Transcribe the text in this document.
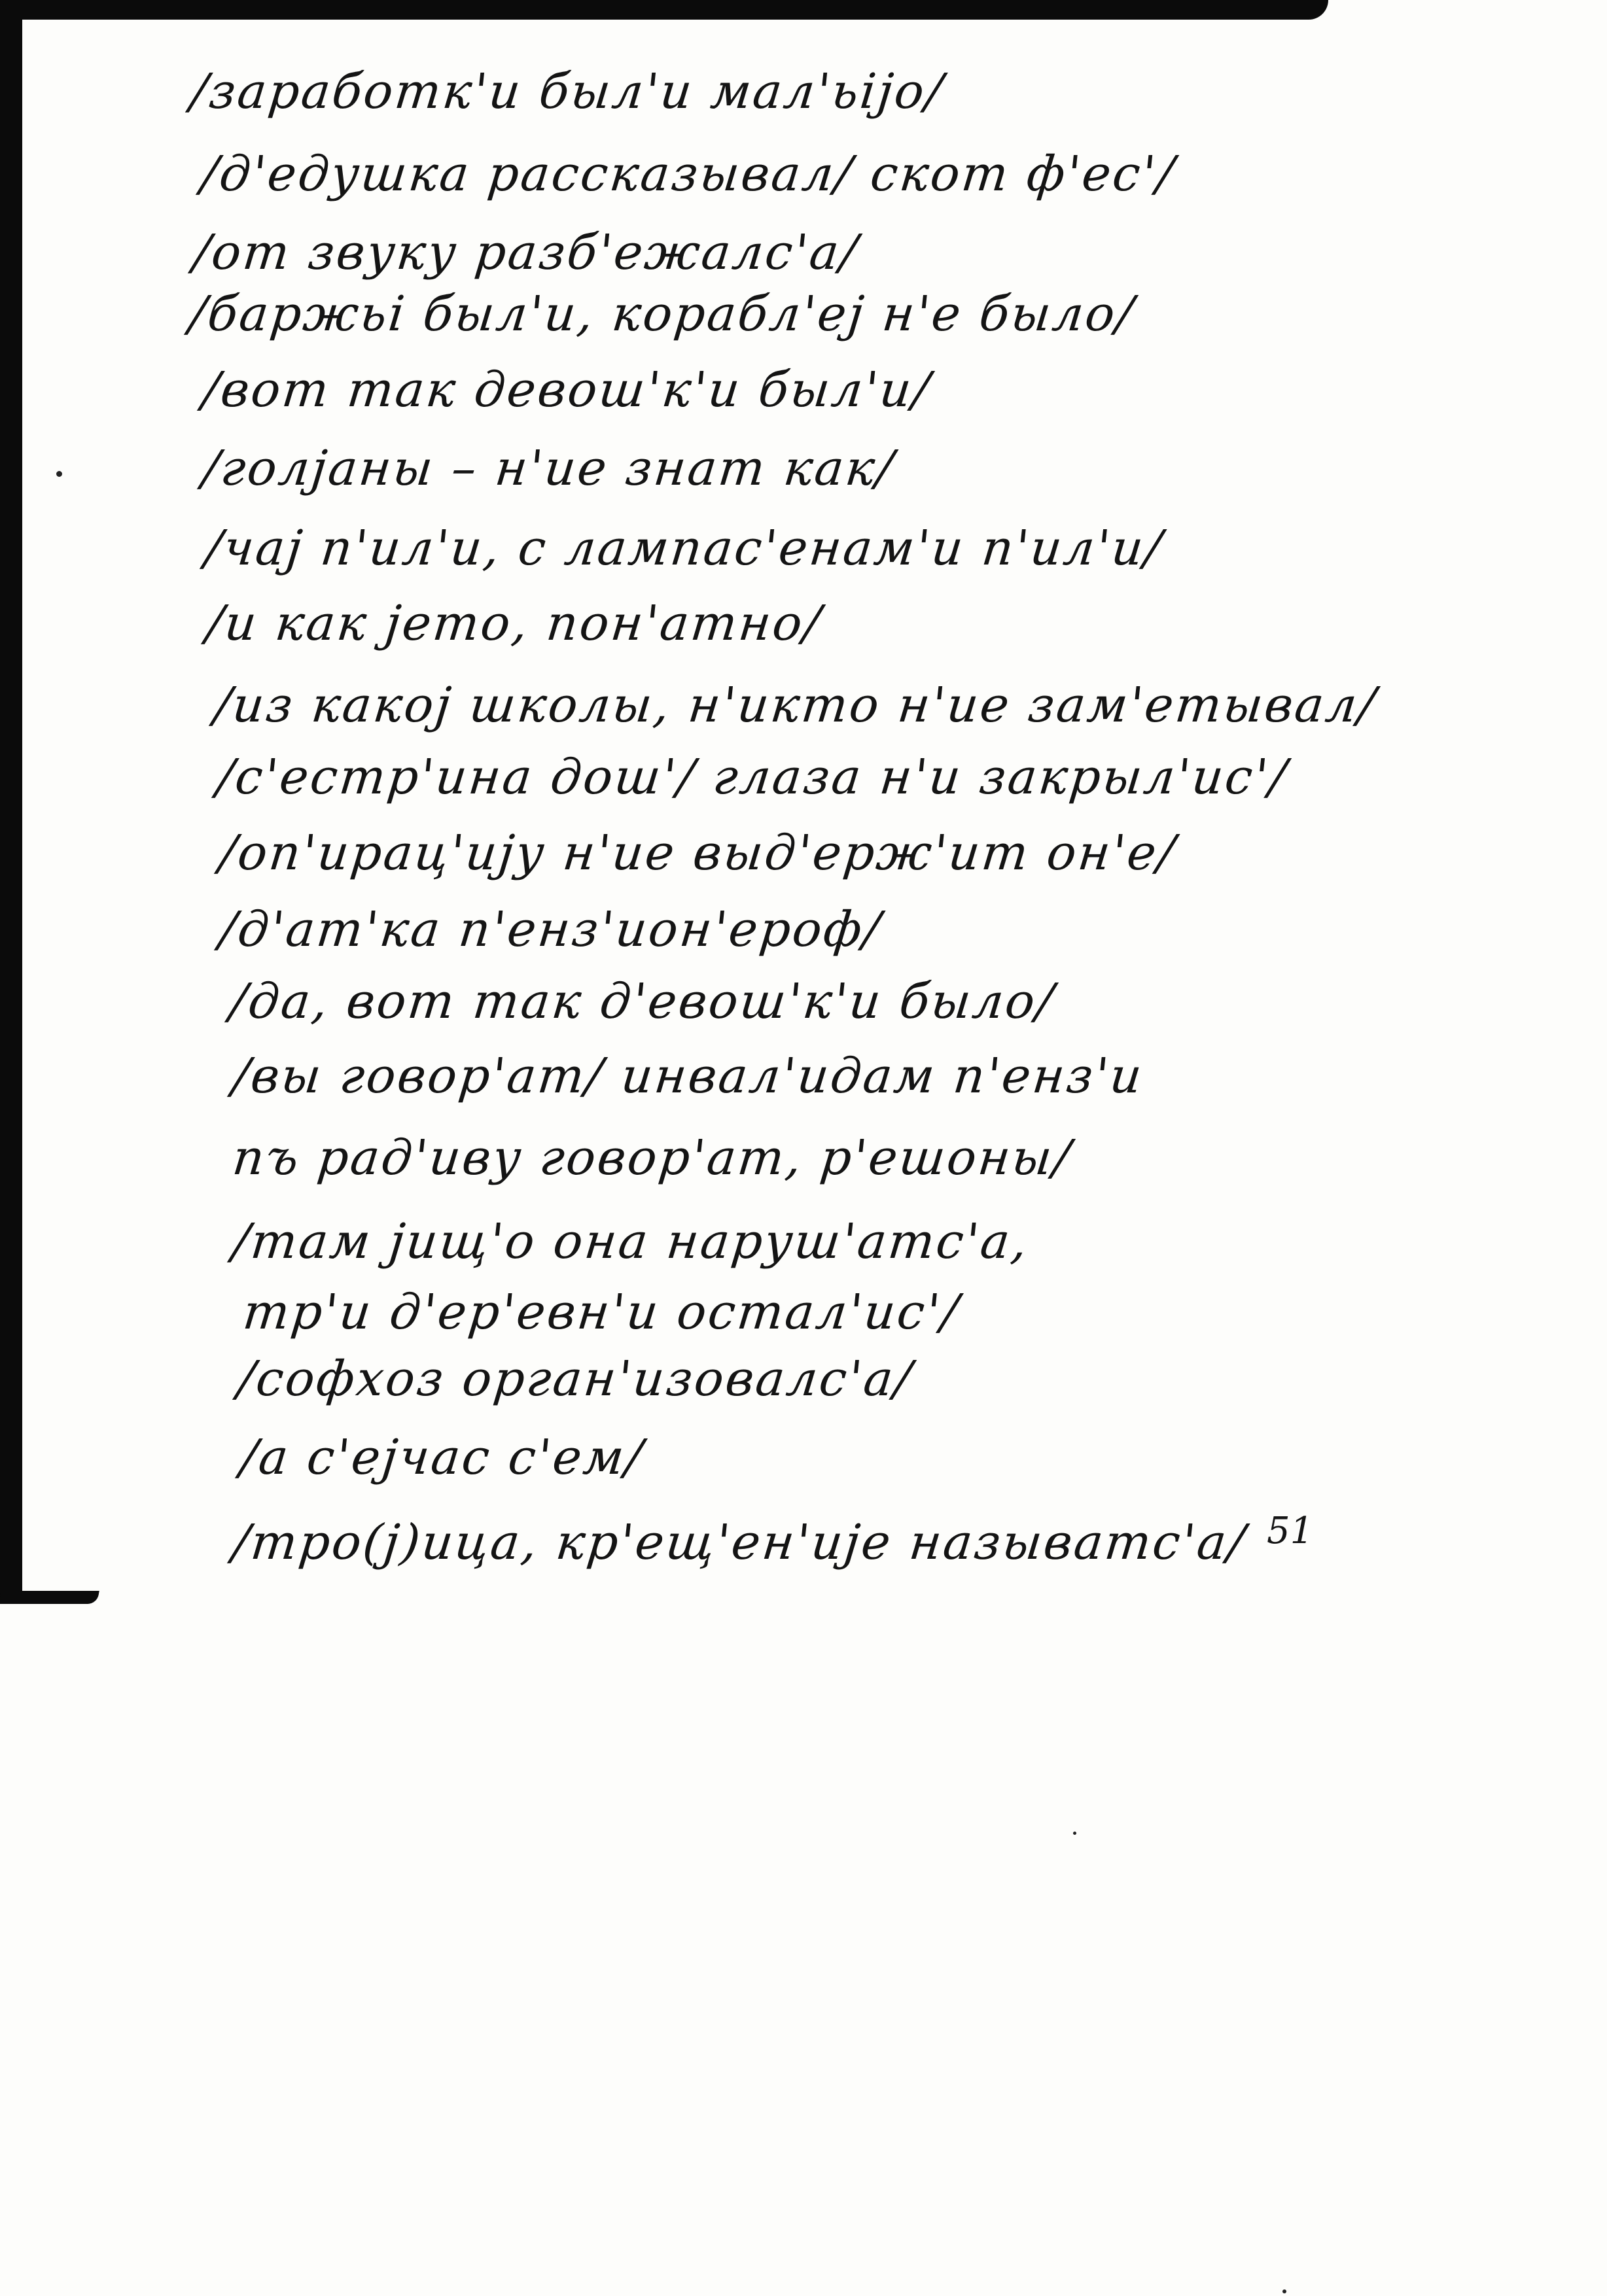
/заработк'и был'и мал'ьіjо/
/д'едушка рассказывал/ скот ф'ес'/
/от звуку разб'ежалс'а/
/баржьі был'и, корабл'еj н'е было/
/вот так девош'к'и был'и/
/голjаны – н'ие знат как/
/чаj п'ил'и, с лампас'енам'и п'ил'и/
/и как jето, пон'атно/
/из какоj школы, н'икто н'ие зам'етывал/
/с'естр'ина дош'/ глаза н'и закрыл'ис'/
/оп'ирац'иjу н'ие выд'ерж'ит он'е/
/д'ат'ка п'енз'ион'ероф/
/да, вот так д'евош'к'и было/
/вы говор'ат/ инвал'идам п'енз'и
пъ рад'иву говор'ат, р'ешоны/
/там jищ'о она наруш'атс'а,
тр'и д'ер'евн'и остал'ис'/
/софхоз орган'изовалс'а/
/а с'еjчас с'ем/
/тро(j)ица, кр'ещ'ен'иjе называтс'а/ 51
